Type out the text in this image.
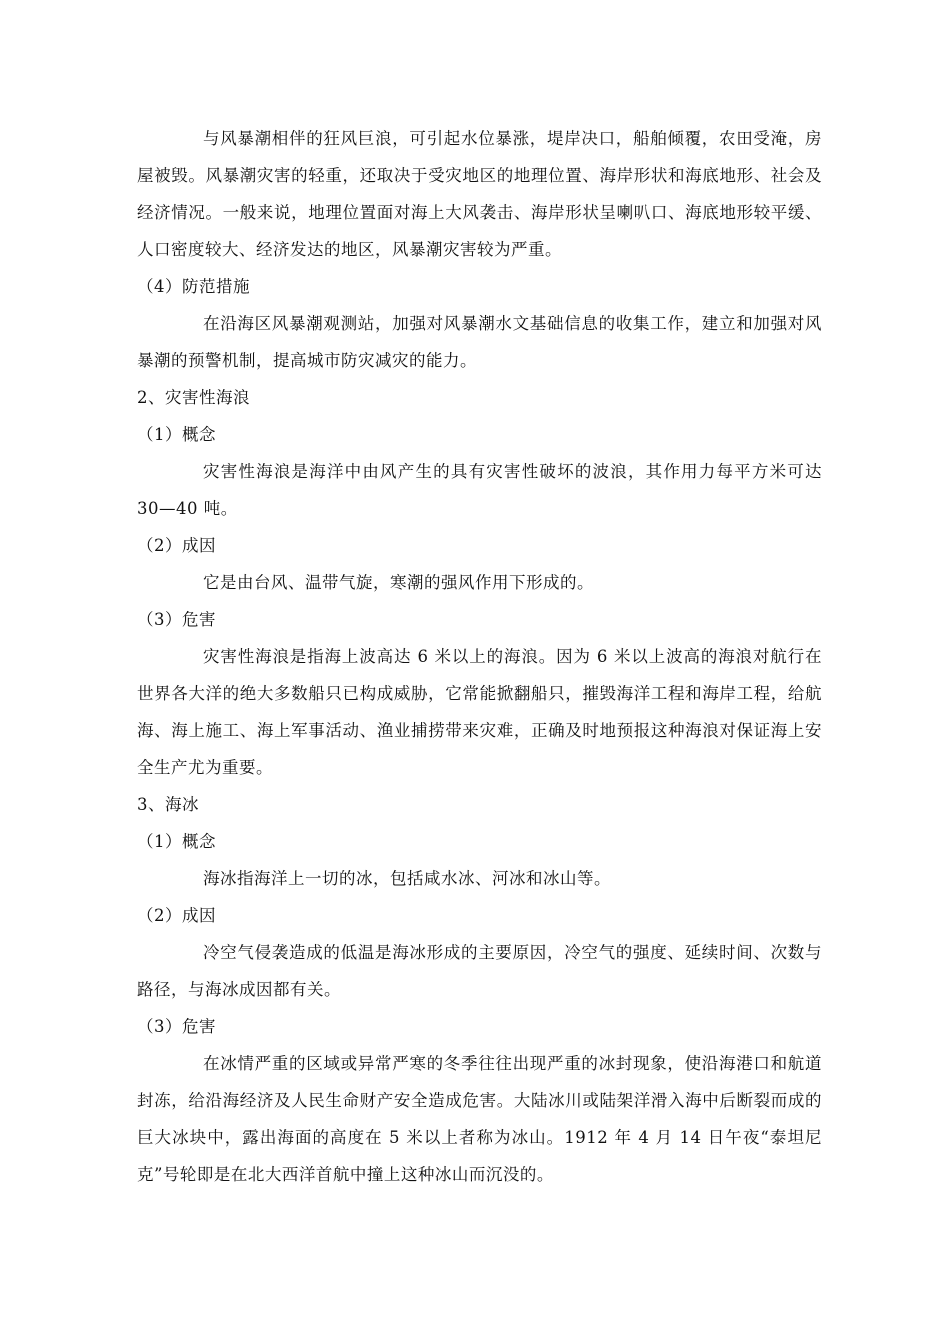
与风暴潮相伴的狂风巨浪，可引起水位暴涨，堤岸决口，船舶倾覆，农田受淹，房屋被毁。风暴潮灾害的轻重，还取决于受灾地区的地理位置、海岸形状和海底地形、社会及经济情况。一般来说，地理位置面对海上大风袭击、海岸形状呈喇叭口、海底地形较平缓、人口密度较大、经济发达的地区，风暴潮灾害较为严重。

（4）防范措施

在沿海区风暴潮观测站，加强对风暴潮水文基础信息的收集工作，建立和加强对风暴潮的预警机制，提高城市防灾减灾的能力。

2、灾害性海浪

（1）概念

灾害性海浪是海洋中由风产生的具有灾害性破坏的波浪，其作用力每平方米可达 30—40 吨。

（2）成因

它是由台风、温带气旋，寒潮的强风作用下形成的。

（3）危害

灾害性海浪是指海上波高达 6 米以上的海浪。因为 6 米以上波高的海浪对航行在世界各大洋的绝大多数船只已构成威胁，它常能掀翻船只，摧毁海洋工程和海岸工程，给航海、海上施工、海上军事活动、渔业捕捞带来灾难，正确及时地预报这种海浪对保证海上安全生产尤为重要。

3、海冰

（1）概念

海冰指海洋上一切的冰，包括咸水冰、河冰和冰山等。

（2）成因

冷空气侵袭造成的低温是海冰形成的主要原因，冷空气的强度、延续时间、次数与路径，与海冰成因都有关。

（3）危害

在冰情严重的区域或异常严寒的冬季往往出现严重的冰封现象，使沿海港口和航道封冻，给沿海经济及人民生命财产安全造成危害。大陆冰川或陆架洋滑入海中后断裂而成的巨大冰块中，露出海面的高度在 5 米以上者称为冰山。1912 年 4 月 14 日午夜“泰坦尼克”号轮即是在北大西洋首航中撞上这种冰山而沉没的。
